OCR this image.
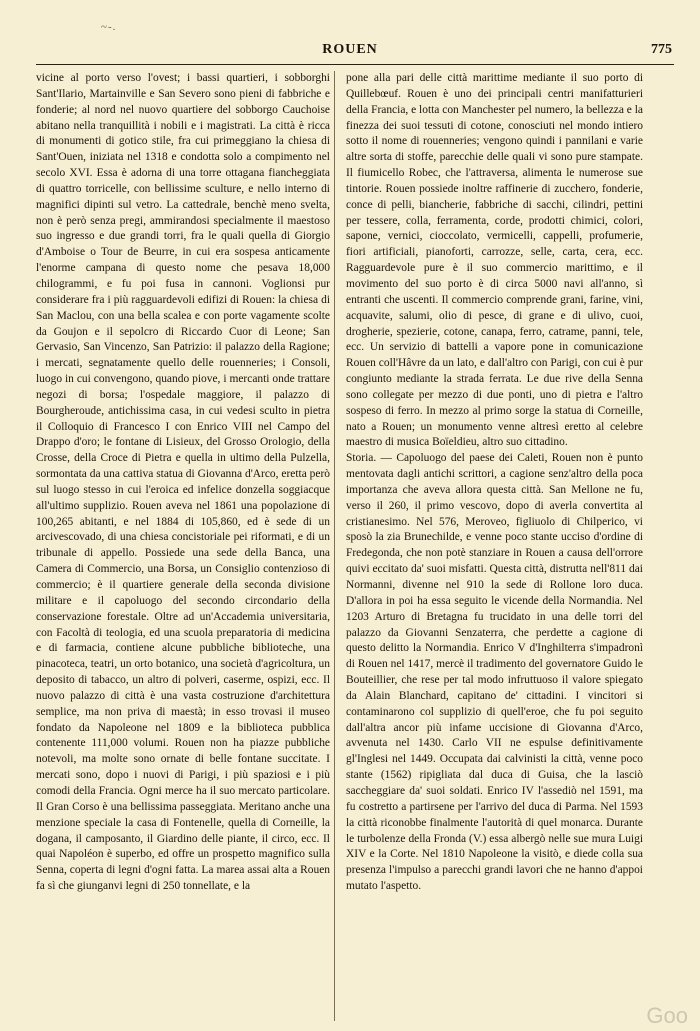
~-.
ROUEN	775

vicine al porto verso l'ovest; i bassi quartieri, i sobborghi Sant'Ilario, Martainville e San Severo sono pieni di fabbriche e fonderie; al nord nel nuovo quartiere del sobborgo Cauchoise abitano nella tranquillità i nobili e i magistrati. La città è ricca di monumenti di gotico stile, fra cui primeggiano la chiesa di Sant'Ouen, iniziata nel 1318 e condotta solo a compimento nel secolo XVI. Essa è adorna di una torre ottagana fiancheggiata di quattro torricelle, con bellissime sculture, e nello interno di magnifici dipinti sul vetro. La cattedrale, benchè meno svelta, non è però senza pregi, ammirandosi specialmente il maestoso suo ingresso e due grandi torri, fra le quali quella di Giorgio d'Amboise o Tour de Beurre, in cui era sospesa anticamente l'enorme campana di questo nome che pesava 18,000 chilogrammi, e fu poi fusa in cannoni. Voglionsi pur considerare fra i più ragguardevoli edifizi di Rouen: la chiesa di San Maclou, con una bella scalea e con porte vagamente scolte da Goujon e il sepolcro di Riccardo Cuor di Leone; San Gervasio, San Vincenzo, San Patrizio: il palazzo della Ragione; i mercati, segnatamente quello delle rouenneries; i Consoli, luogo in cui convengono, quando piove, i mercanti onde trattare negozi di borsa; l'ospedale maggiore, il palazzo di Bourgheroude, antichissima casa, in cui vedesi sculto in pietra il Colloquio di Francesco I con Enrico VIII nel Campo del Drappo d'oro; le fontane di Lisieux, del Grosso Orologio, della Crosse, della Croce di Pietra e quella in ultimo della Pulzella, sormontata da una cattiva statua di Giovanna d'Arco, eretta però sul luogo stesso in cui l'eroica ed infelice donzella soggiacque all'ultimo supplizio. Rouen aveva nel 1861 una popolazione di 100,265 abitanti, e nel 1884 di 105,860, ed è sede di un arcivescovado, di una chiesa concistoriale pei riformati, e di un tribunale di appello. Possiede una sede della Banca, una Camera di Commercio, una Borsa, un Consiglio contenzioso di commercio; è il quartiere generale della seconda divisione militare e il capoluogo del secondo circondario della conservazione forestale. Oltre ad un'Accademia universitaria, con Facoltà di teologia, ed una scuola preparatoria di medicina e di farmacia, contiene alcune pubbliche biblioteche, una pinacoteca, teatri, un orto botanico, una società d'agricoltura, un deposito di tabacco, un altro di polveri, caserme, ospizi, ecc. Il nuovo palazzo di città è una vasta costruzione d'architettura semplice, ma non priva di maestà; in esso trovasi il museo fondato da Napoleone nel 1809 e la biblioteca pubblica contenente 111,000 volumi. Rouen non ha piazze pubbliche notevoli, ma molte sono ornate di belle fontane succitate. I mercati sono, dopo i nuovi di Parigi, i più spaziosi e i più comodi della Francia. Ogni merce ha il suo mercato particolare. Il Gran Corso è una bellissima passeggiata. Meritano anche una menzione speciale la casa di Fontenelle, quella di Corneille, la dogana, il camposanto, il Giardino delle piante, il circo, ecc. Il quai Napoléon è superbo, ed offre un prospetto magnifico sulla Senna, coperta di legni d'ogni fatta. La marea assai alta a Rouen fa sì che giunganvi legni di 250 tonnellate, e la

pone alla pari delle città marittime mediante il suo porto di Quillebœuf. Rouen è uno dei principali centri manifatturieri della Francia, e lotta con Manchester pel numero, la bellezza e la finezza dei suoi tessuti di cotone, conosciuti nel mondo intiero sotto il nome di rouenneries; vengono quindi i pannilani e varie altre sorta di stoffe, parecchie delle quali vi sono pure stampate. Il fiumicello Robec, che l'attraversa, alimenta le numerose sue tintorie. Rouen possiede inoltre raffinerie di zucchero, fonderie, conce di pelli, biancherie, fabbriche di sacchi, cilindri, pettini per tessere, colla, ferramenta, corde, prodotti chimici, colori, sapone, vernici, cioccolato, vermicelli, cappelli, profumerie, fiori artificiali, pianoforti, carrozze, selle, carta, cera, ecc. Ragguardevole pure è il suo commercio marittimo, e il movimento del suo porto è di circa 5000 navi all'anno, sì entranti che uscenti. Il commercio comprende grani, farine, vini, acquavite, salumi, olio di pesce, di grane e di ulivo, cuoi, drogherie, spezierie, cotone, canapa, ferro, catrame, panni, tele, ecc. Un servizio di battelli a vapore pone in comunicazione Rouen coll'Hâvre da un lato, e dall'altro con Parigi, con cui è pur congiunto mediante la strada ferrata. Le due rive della Senna sono collegate per mezzo di due ponti, uno di pietra e l'altro sospeso di ferro. In mezzo al primo sorge la statua di Corneille, nato a Rouen; un monumento venne altresì eretto al celebre maestro di musica Boïeldieu, altro suo cittadino.

Storia. — Capoluogo del paese dei Caleti, Rouen non è punto mentovata dagli antichi scrittori, a cagione senz'altro della poca importanza che aveva allora questa città. San Mellone ne fu, verso il 260, il primo vescovo, dopo di averla convertita al cristianesimo. Nel 576, Meroveo, figliuolo di Chilperico, vi sposò la zia Brunechilde, e venne poco stante ucciso d'ordine di Fredegonda, che non potè stanziare in Rouen a causa dell'orrore quivi eccitato da' suoi misfatti. Questa città, distrutta nell'811 dai Normanni, divenne nel 910 la sede di Rollone loro duca. D'allora in poi ha essa seguito le vicende della Normandia. Nel 1203 Arturo di Bretagna fu trucidato in una delle torri del palazzo da Giovanni Senzaterra, che perdette a cagione di questo delitto la Normandia. Enrico V d'Inghilterra s'impadronì di Rouen nel 1417, mercè il tradimento del governatore Guido le Bouteillier, che rese per tal modo infruttuoso il valore spiegato da Alain Blanchard, capitano de' cittadini. I vincitori si contaminarono col supplizio di quell'eroe, che fu poi seguito dall'altra ancor più infame uccisione di Giovanna d'Arco, avvenuta nel 1430. Carlo VII ne espulse definitivamente gl'Inglesi nel 1449. Occupata dai calvinisti la città, venne poco stante (1562) ripigliata dal duca di Guisa, che la lasciò saccheggiare da' suoi soldati. Enrico IV l'assediò nel 1591, ma fu costretto a partirsene per l'arrivo del duca di Parma. Nel 1593 la città riconobbe finalmente l'autorità di quel monarca. Durante le turbolenze della Fronda (V.) essa albergò nelle sue mura Luigi XIV e la Corte. Nel 1810 Napoleone la visitò, e diede colla sua presenza l'impulso a parecchi grandi lavori che ne hanno d'appoi mutato l'aspetto.

Goo
